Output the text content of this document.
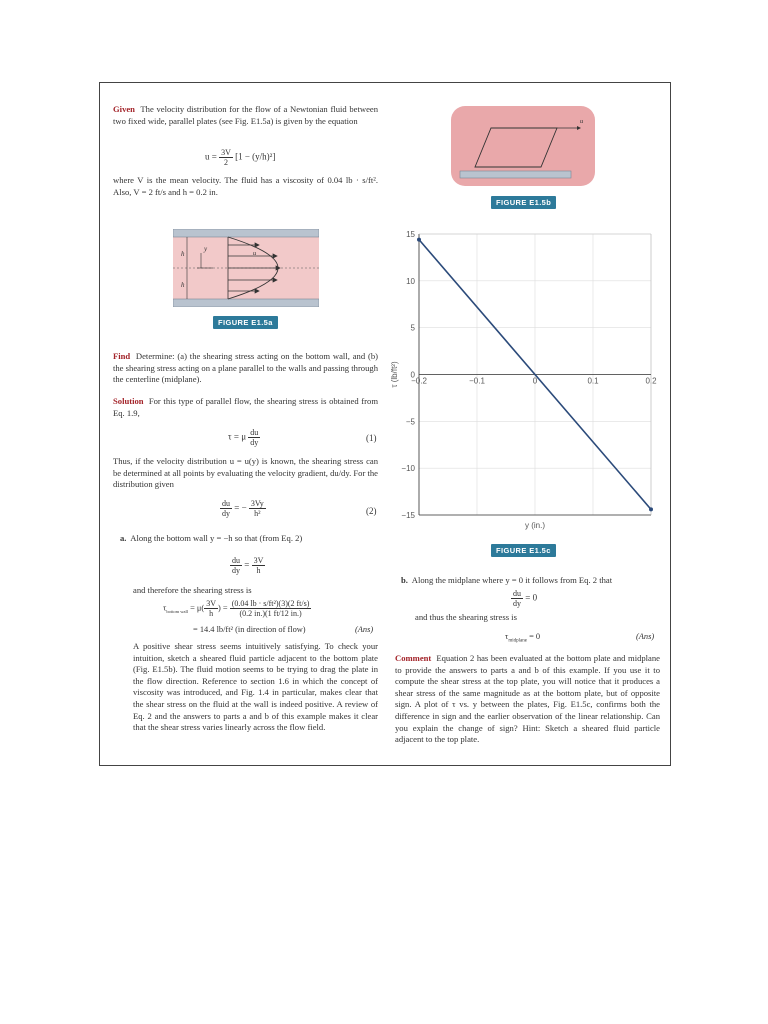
Given The velocity distribution for the flow of a Newtonian fluid between two fixed wide, parallel plates (see Fig. E1.5a) is given by the equation
$u = \frac{3V}{2} [1 - (y/h)^2]$
where V is the mean velocity. The fluid has a viscosity of 0.04 lb · s/ft². Also, V = 2 ft/s and h = 0.2 in.
h
h
y
u
FIGURE E1.5a
Find Determine: (a) the shearing stress acting on the bottom wall, and (b) the shearing stress acting on a plane parallel to the walls and passing through the centerline (midplane).
Solution For this type of parallel flow, the shearing stress is obtained from Eq. 1.9,
τ = μ $\frac{du}{dy}$	(1)
Thus, if the velocity distribution u = u(y) is known, the shearing stress can be determined at all points by evaluating the velocity gradient, du/dy. For the distribution given
$\frac{du}{dy}$ = − $\frac{3Vy}{\text{h²}}$	(2)
a. Along the bottom wall y = −h so that (from Eq. 2)
$\frac{du}{dy} = \frac{3V}{h}$
and therefore the shearing stress is
$\tau_{bottom wall} = \mu( \frac{3V}{h}$ ) = $\frac{\text{(0.04 lb · s/ft²)(3)(2 ft/s)}}{(0.2 in.)(1 ft/12 in.)}$
= 14.4 lb/ft² (in direction of flow)	(Ans)
A positive shear stress seems intuitively satisfying. To check your intuition, sketch a sheared fluid particle adjacent to the bottom plate (Fig. E1.5b). The fluid motion seems to be trying to drag the plate in the flow direction. Reference to section 1.6 in which the concept of viscosity was introduced, and Fig. 1.4 in particular, makes clear that the shear stress on the fluid at the wall is indeed positive. A review of Eq. 2 and the answers to parts a and b of this example makes it clear that the shear stress varies linearly across the flow field.
u
FIGURE E1.5b
15
10
5
0
−5
−10
−15
−0.2	−0.1	0	0.1	0.2
y (in.)
τ (lb/ft²)
FIGURE E1.5c
b. Along the midplane where y = 0 it follows from Eq. 2 that
$\frac{du}{dy} = 0$
and thus the shearing stress is
$\tau_{midplane} = 0$	(Ans)
Comment Equation 2 has been evaluated at the bottom plate and midplane to provide the answers to parts a and b of this example. If you use it to compute the shear stress at the top plate, you will notice that it produces a shear stress of the same magnitude as at the bottom plate, but of opposite sign. A plot of τ vs. y between the plates, Fig. E1.5c, confirms both the difference in sign and the earlier observation of the linear relationship. Can you explain the change of sign? Hint: Sketch a sheared fluid particle adjacent to the top plate.
